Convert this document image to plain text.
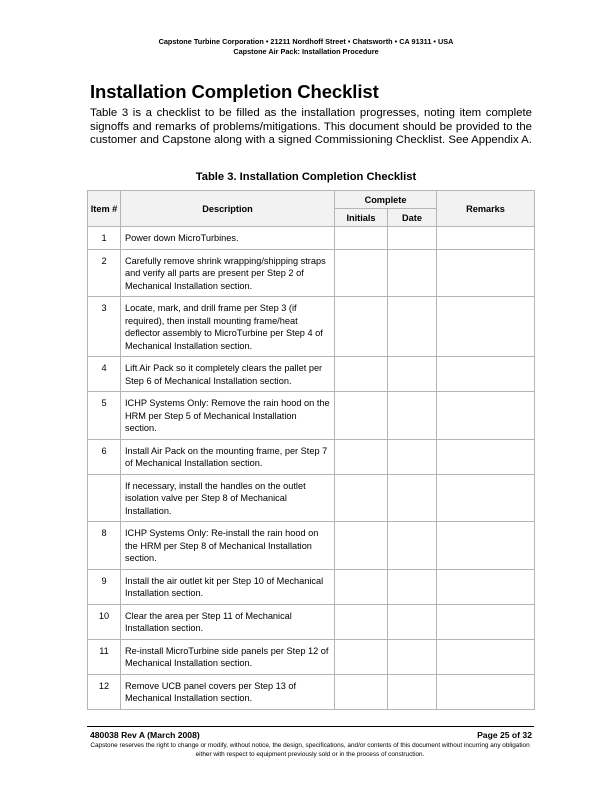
Capstone Turbine Corporation • 21211 Nordhoff Street • Chatsworth • CA 91311 • USA
Capstone Air Pack: Installation Procedure
Installation Completion Checklist

Table 3 is a checklist to be filled as the installation progresses, noting item complete signoffs and remarks of problems/mitigations. This document should be provided to the customer and Capstone along with a signed Commissioning Checklist. See Appendix A.

Table 3. Installation Completion Checklist
Item #	Description	Complete		Remarks
		Initials	Date	
1	Power down MicroTurbines.			
2	Carefully remove shrink wrapping/shipping straps and verify all parts are present per Step 2 of Mechanical Installation section.			
3	Locate, mark, and drill frame per Step 3 (if required), then install mounting frame/heat deflector assembly to MicroTurbine per Step 4 of Mechanical Installation section.			
4	Lift Air Pack so it completely clears the pallet per Step 6 of Mechanical Installation section.			
5	ICHP Systems Only: Remove the rain hood on the HRM per Step 5 of Mechanical Installation section.			
6	Install Air Pack on the mounting frame, per Step 7 of Mechanical Installation section.			
	If necessary, install the handles on the outlet isolation valve per Step 8 of Mechanical Installation.			
8	ICHP Systems Only: Re-install the rain hood on the HRM per Step 8 of Mechanical Installation section.			
9	Install the air outlet kit per Step 10 of Mechanical Installation section.			
10	Clear the area per Step 11 of Mechanical Installation section.			
11	Re-install MicroTurbine side panels per Step 12 of Mechanical Installation section.			
12	Remove UCB panel covers per Step 13 of Mechanical Installation section.			
480038 Rev A (March 2008)	Page 25 of 32
Capstone reserves the right to change or modify, without notice, the design, specifications, and/or contents of this document without incurring any obligation either with respect to equipment previously sold or in the process of construction.
